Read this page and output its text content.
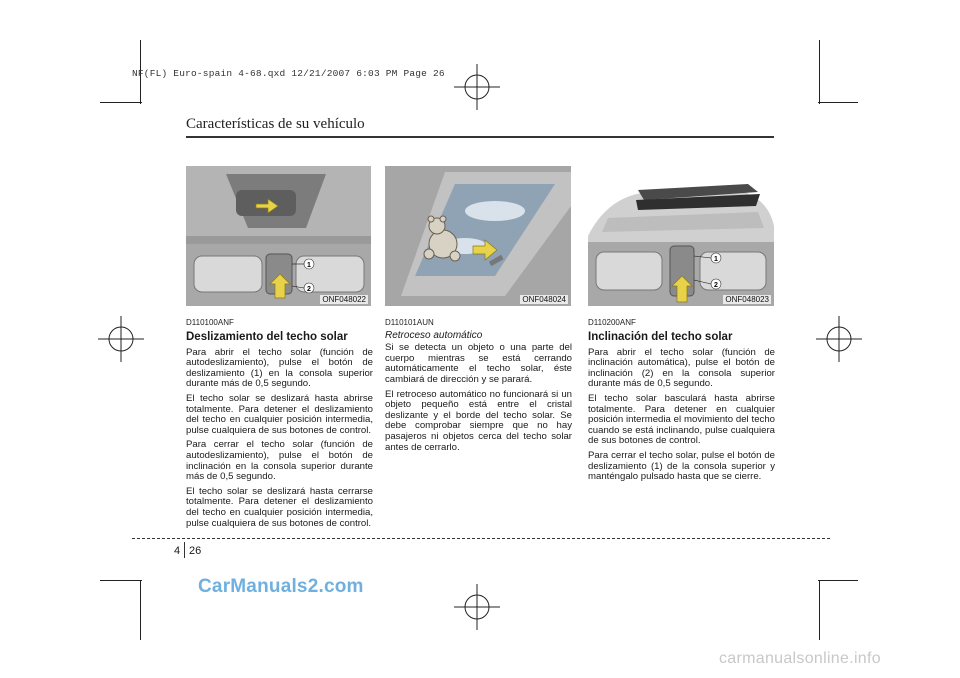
NF(FL) Euro-spain 4-68.qxd 12/21/2007 6:03 PM Page 26
Características de su vehículo
1
2
ONF048022	ONF048024
1
2
ONF048023
D110100ANF
Deslizamiento del techo solar

Para abrir el techo solar (función de autodeslizamiento), pulse el botón de deslizamiento (1) en la consola superior durante más de 0,5 segundo.

El techo solar se deslizará hasta abrirse totalmente. Para detener el deslizamiento del techo en cualquier posición intermedia, pulse cualquiera de sus botones de control.

Para cerrar el techo solar (función de autodeslizamiento), pulse el botón de inclinación en la consola superior durante más de 0,5 segundo.

El techo solar se deslizará hasta cerrarse totalmente. Para detener el deslizamiento del techo en cualquier posición intermedia, pulse cualquiera de sus botones de control.

D110101AUN
Retroceso automático

Si se detecta un objeto o una parte del cuerpo mientras se está cerrando automáticamente el techo solar, éste cambiará de dirección y se parará.

El retroceso automático no funcionará si un objeto pequeño está entre el cristal deslizante y el borde del techo solar. Se debe comprobar siempre que no hay pasajeros ni objetos cerca del techo solar antes de cerrarlo.

D110200ANF
Inclinación del techo solar

Para abrir el techo solar (función de inclinación automática), pulse el botón de inclinación (2) en la consola superior durante más de 0,5 segundo.

El techo solar basculará hasta abrirse totalmente. Para detener en cualquier posición intermedia el movimiento del techo cuando se está inclinando, pulse cualquiera de sus botones de control.

Para cerrar el techo solar, pulse el botón de deslizamiento (1) de la consola superior y manténgalo pulsado hasta que se cierre.

4 26
CarManuals2.com
carmanualsonline.info
